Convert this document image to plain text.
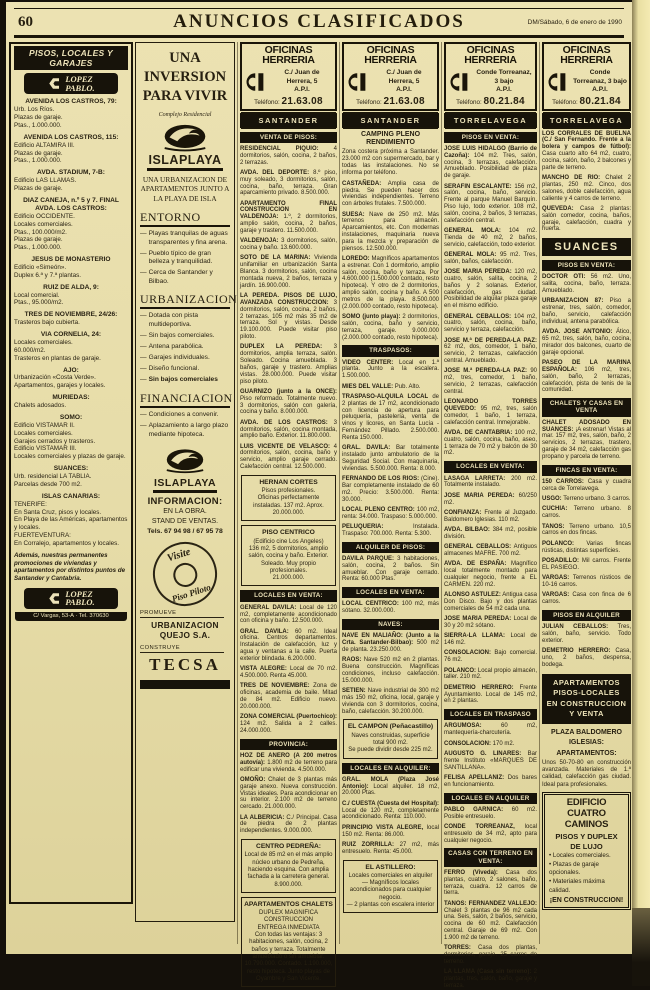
60	ANUNCIOS CLASIFICADOS	DM/Sábado, 6 de enero de 1990
PISOS, LOCALES Y GARAJES
LOPEZ
PABLO.
AVENIDA LOS CASTROS, 79:
Urb. Los Ríos.
Plazas de garaje.
Ptas., 1.000.000.
AVENIDA LOS CASTROS, 115:
Edificio ALTAMIRA III.
Plazas de garaje.
Ptas., 1.000.000.
AVDA. STADIUM, 7-B:
Edificio LAS LLAMAS.
Plazas de garaje.
DIAZ CANEJA, n.º 5 y 7. FINAL AVDA. LOS CASTROS:
Edificio OCCIDENTE.
Locales comerciales.
Ptas., 100.000/m2.
Plazas de garaje.
Ptas., 1.000.000.
JESUS DE MONASTERIO
Edificio «Simeón».
Duplex 6.ª y 7.ª plantas.
RUIZ DE ALDA, 9:
Local comercial.
Ptas., 95.000/m2.
TRES DE NOVIEMBRE, 24/26:
Trasteros bajo cubierta.
VIA CORNELIA, 24:
Locales comerciales.
60.000/m2.
Trasteros en plantas de garaje.
AJO:
Urbanización «Costa Verde».
Apartamentos, garajes y locales.
MURIEDAS:
Chalets adosados.
SOMO:
Edificio VISTAMAR II.
Locales comerciales.
Garajes cerrados y trasteros.
Edificio VISTAMAR III.
Locales comerciales y plazas de garaje.
SUANCES:
Urb. residencial LA TABLIA.
Parcelas desde 700 m2.
ISLAS CANARIAS:
TENERIFE:
En Santa Cruz, pisos y locales.
En Playa de las Américas, apartamentos y locales.
FUERTEVENTURA:
En Corralejo, apartamentos y locales.
Además, nuestras permanentes promociones de viviendas y apartamentos por distintos puntos de Santander y Cantabria.
LOPEZ
PABLO.
C/ Vargas, 53-A · Tel. 370630
UNA INVERSION PARA VIVIR
Complejo Residencial
ISLAPLAYA
UNA URBANIZACION DE APARTAMENTOS JUNTO A LA PLAYA DE ISLA
ENTORNO
— Playas tranquilas de aguas transparentes y fina arena.
— Pueblo típico de gran belleza y tranquilidad.
— Cerca de Santander y Bilbao.
URBANIZACION
— Dotada con pista multideportiva.
— Sin bajos comerciales.
— Antena parabólica.
— Garajes individuales.
— Diseño funcional.
— Sin bajos comerciales
FINANCIACION
— Condiciones a convenir.
— Aplazamiento a largo plazo mediante hipoteca.
ISLAPLAYA
INFORMACION:
EN LA OBRA.
STAND DE VENTAS.
Tels. 67 94 98 / 67 95 78
Visite
Piso Piloto
PROMUEVE
URBANIZACION QUEJO S.A.
CONSTRUYE
TECSA
OFICINAS HERRERIA
C./ Juan de Herrera, 5
A.P.I.
Teléfono: 21.63.08
SANTANDER
VENTA DE PISOS:
RESIDENCIAL PIQUIO: 4 dormitorios, salón, cocina, 2 baños, 2 terrazas.
AVDA. DEL DEPORTE: 8.º piso, muy soleado, 3 dormitorios, salón, cocina, baño, terraza. Gran aparcamiento privado. 8.500.000.
APARTAMENTO FINAL CONSTRUCCION EN VALDENOJA: 1.º, 2 dormitorios, amplio salón, cocina, 2 baños, garaje y trastero. 11.500.000.
VALDENOJA: 3 dormitorios, salón, cocina y baño. 13.600.000.
SOTO DE LA MARINA: Vivienda unifamiliar en urbanización Santa Blanca. 3 dormitorios, salón, cocina montada nueva, 2 baños, terraza y jardín. 16.900.000.
LA PEREDA. PISOS DE LUJO, AVANZADA CONSTRUCCION: 3 dormitorios, salón, cocina, 2 baños, 2 terrazas. 105 m2 más 35 m2 de terraza. Sol y vistas. Desde 19.100.000. Puede visitar piso piloto.
DUPLEX LA PEREDA: 3 dormitorios, amplia terraza, salón. Soleado. Cocina amueblada. 3 baños, garaje y trastero. Amplias vistas. 28.000.000. Puede visitar piso piloto.
GUARNIZO (junto a la ONCE): Piso reformado. Totalmente nuevo. 3 dormitorios, salón con galería, cocina y baño. 8.000.000.
AVDA. DE LOS CASTROS: 3 dormitorios, salón, cocina montada, amplio baño. Exterior. 11.800.000.
LUIS VICENTE DE VELASCO: 4 dormitorios, salón, cocina, baño y servicio, amplio garaje cerrado. Calefacción central. 12.500.000.
HERNAN CORTES
Pisos profesionales.
Oficinas perfectamente instaladas. 137 m2. Aprox.
20.000.000.
PISO CENTRICO
(Edificio cine Los Angeles)
136 m2, 5 dormitorios, amplio salón, cocina y baño. Exterior. Soleado. Muy propio profesionales.
21.000.000.
LOCALES EN VENTA:
GENERAL DAVILA: Local de 120 m2, completamente acondicionado con oficina y baño. 12.500.000.
GRAL. DAVILA: 60 m2. Ideal oficina. Centros departamentos. Instalación de calefacción, luz y agua y ventanas a la calle. Puerta exterior blindada. 6.200.000.
VISTA ALEGRE: Local de 70 m2. 4.500.000. Renta 45.000.
TRES DE NOVIEMBRE: Zona de oficinas, academia de baile. Mitad de 84 m2. Edificio nuevo. 20.000.000.
ZONA COMERCIAL (Puertochico): 124 m2. Salida a 2 calles. 24.000.000.
PROVINCIA:
HOZ DE ANERO (A 200 metros autovía): 1.800 m2 de terreno para edificar una vivienda. 4.500.000.
OMOÑO: Chalet de 3 plantas más garaje anexo. Nueva construcción. Vistas ideales. Para acondicionar en su interior. 2.100 m2 de terreno cercado. 21.000.000.
LA ALBERICIA: C./ Principal. Casa de piedra de 2 plantas independientes. 9.000.000.
CENTRO PEDREÑA:
Local de 85 m2 en el más amplio núcleo urbano de Pedreña, haciendo esquina. Con amplia fachada a la carretera general. 8.900.000.
APARTAMENTOS CHALETS
DUPLEX MAGNIFICA CONSTRUCCION
ENTREGA INMEDIATA
Con todas las ventajas: 3 habitaciones, salón, cocina, 2 baños y terraza. Totalmente amueblado o sin amueblar. 10.790.000. Contado. 1.190.000, resto hipoteca. Junto playas de Oyambre y San Vicente.
OFICINAS HERRERIA
C./ Juan de Herrera, 5
A.P.I.
Teléfono: 21.63.08
SANTANDER
CAMPING PLENO RENDIMIENTO
Zona costera próxima a Santander. 23.000 m2 con supermercado, bar y todas las instalaciones. No se informa por teléfono.
CASTAÑEDA: Amplia casa de piedra. Se pueden hacer dos viviendas independientes. Terreno con árboles frutales. 7.500.000.
SUESA: Nave de 250 m2. Más terrenos para almacén. Aparcamientos, etc. Con modernas instalaciones, maquinaria nueva para la mezcla y preparación de piensos. 12.500.000.
LOREDO: Magníficos apartamentos a estrenar. Con 1 dormitorio, amplio salón, cocina, baño y terraza. Por 4.600.000 (1.500.000 contado, resto hipoteca). Y otro de 2 dormitorios, amplio salón, cocina y baño. A 500 metros de la playa. 8.500.000 (2.000.000 contado, resto hipoteca).
SOMO (junto playa): 2 dormitorios, salón, cocina, baño y servicio, terraza, garaje. 9.000.000 (2.000.000 contado, resto hipoteca).
TRASPASOS:
VIDEO CENTER: Local en 1.ª planta. Junto a la escalera. 1.500.000.
MIES DEL VALLE: Pub. Alto.
TRASPASO-ALQUILA LOCAL de 2 plantas de 17 m2, acondicionado con licencia de apertura para peluquería, pastelería, venta de vinos y licores, en Santa Lucía - Fernández Pillado. 2.500.000. Renta 150.000.
GRAL. DAVILA: Bar totalmente instalado junto ambulatorio de la Seguridad Social. Con maquinaria, viviendas. 5.500.000. Renta: 8.000.
FERNANDO DE LOS RIOS: (Cine). Bar completamente instalado de 60 m2. Precio: 3.500.000. Renta: 30.000.
LOCAL PLENO CENTRO: 100 m2, renta: 34.000. Traspaso: 5.000.000.
PELUQUERIA: Instalada. Traspaso: 700.000. Renta: 5.300.
ALQUILER DE PISOS:
DAVILA PARQUE: 3 habitaciones, salón, cocina, 2 baños. Sin amueblar. Con garaje cerrado. Renta: 60.000 Ptas.
LOCALES EN VENTA:
LOCAL CENTRICO: 100 m2, más sótano. 32.000.000.
NAVES:
NAVE EN MALIAÑO: (Junto a la Crta. Santander-Bilbao): 500 m2 de planta. 23.250.000.
RAOS: Nave 520 m2 en 2 plantas. Buena construcción. Magníficas condiciones, incluso calefacción. 15.000.000.
SETIEN: Nave industrial de 300 m2 más 150 m2, oficina, local, garaje y vivienda con 3 dormitorios, cocina, baño, calefacción. 30.200.000.
EL CAMPON (Peñacastillo)
Naves construidas, superficie total 900 m2.
Se puede dividir desde 225 m2.
LOCALES EN ALQUILER:
GRAL. MOLA (Plaza José Antonio): Local alquiler. 18 m2, 20.000 Ptas.
C./ CUESTA (Cuesta del Hospital): Local de 120 m2, completamente acondicionado. Renta: 110.000.
PRINCIPIO VISTA ALEGRE, local 150 m2. Renta: 86.000.
RUIZ ZORRILLA: 27 m2, más entresuelo. Renta: 45.000.
EL ASTILLERO:
Locales comerciales en alquiler
— Magníficos locales acondicionados para cualquier negocio.
— 2 plantas con escalera interior
OFICINAS HERRERIA
Conde Torreanaz, 3 bajo
A.P.I.
Teléfono: 80.21.84
TORRELAVEGA
PISOS EN VENTA:
JOSE LUIS HIDALGO (Barrio de Cazoña): 104 m2. Tres, salón, cocina, 3 terrazas, calefacción. Amueblado. Posibilidad de plaza de garaje.
SERAFIN ESCALANTE: 156 m2, salón, cocina, baño, servicio. Frente al parque Manuel Barquín. Piso lujo, todo exterior. 108 m2, salón, cocina, 2 baños, 3 terrazas, calefacción central.
GENERAL MOLA: 104 m2. Tienda de 40 m2, 2 baños, servicio, calefacción, todo exterior.
GENERAL MOLA: 95 m2. Tres, salón, baños, calefacción.
JOSE MARIA PEREDA: 120 m2, cuatro, salón, salita, cocina, 2 baños y 2 solanas. Exterior, calefacción, gas ciudad. Posibilidad de alquilar plaza garaje en el mismo edificio.
GENERAL CEBALLOS: 104 m2, cuatro, salón, cocina, baño, servicio y terraza, calefacción.
JOSE M.ª DE PEREDA-LA PAZ: 62 m2, dos, comedor, 1 baño, servicio, 2 terrazas, calefacción central. Amueblado.
JOSE M.ª PEREDA-LA PAZ: 90 m2, tres, comedor, 1 baño, servicio, 2 terrazas, calefacción central.
LEONARDO TORRES QUEVEDO: 95 m2, tres, salón comedor, 1 baño, 1 terraza, calefacción central. Inmejorable.
AVDA. DE CANTABRIA: 100 m2, cuatro, salón, cocina, baño, aseo, 1 terraza de 70 m2 y balcón de 30 m2.
LOCALES EN VENTA:
LASAGA LARRETA: 200 m2. Totalmente instalado.
JOSE MARIA PEREDA: 60/250 m2.
CONFIANZA: Frente al Juzgado. Baldomero Iglesias. 110 m2.
AVDA. BILBAO: 384 m2, posible división.
GENERAL CEBALLOS: Antiguos almacenes MAFRE. 700 m2.
AVDA. DE ESPAÑA: Magnífico local totalmente montado para cualquier negocio, frente a EL CARMEN. 220 m2.
ALONSO ASTULEZ: Antigua casa Don Disco. Bajo y dos plantas comerciales de 54 m2 cada una.
JOSE MARIA PEREDA: Local de 30 y 20 m2 sótano.
SIERRA-LA LLAMA: Local de 146 m2.
CONSOLACION: Bajo comercial. 76 m2.
POLANCO: Local propio almacén, taller. 210 m2.
DEMETRIO HERRERO: Frente Ayuntamiento. Local de 145 m2, en 2 plantas.
LOCALES EN TRASPASO
ARGUMOSA: 60 m2, mantequería-charcutería.
CONSOLACION: 170 m2.
AUGUSTO G. LINARES: Bar frente Instituto «MARQUES DE SANTILLANA».
FELISA APELLANIZ: Dos bares en funcionamiento.
LOCALES EN ALQUILER
PABLO GARNICA: 60 m2. Posible entresuelo.
CONDE TORREANAZ, local entresuelo de 34 m2, apto para cualquier negocio.
CASAS CON TERRENO EN VENTA:
FERRO (Viveda): Casa dos plantas, cuatro, 2 salones, baño, terraza, cuadra. 12 carros de tierra.
TANOS: FERNANDEZ VALLEJO: Chalet 3 plantas de 96 m2 cada una. Seis, salón, 2 baños, servicio, cocina de 60 m2. Calefacción central. Garaje de 69 m2. Con 1.900 m2 de terreno.
TORRES: Casa dos plantas, dormitorios, garaje. 25 carros de terreno.
LA LLAMA (Casa sin terreno): 2 plantas, tres, salón, baño, garaje y terraza.
OFICINAS HERRERIA
Conde Torreanaz, 3 bajo
A.P.I.
Teléfono: 80.21.84
TORRELAVEGA
LOS CORRALES DE BUELNA (C./ San Fernando. Frente a la bolera y campos de fútbol): Casa cuarto alto 64 m2, cuatro, cocina, salón, baño, 2 balcones y parte de terreno.
MANCHO DE RIO: Chalet 2 plantas, 250 m2. Cinco, dos salones, doble calefacción, agua caliente y 4 carros de terreno.
QUEVEDA: Casa 2 plantas: salón comedor, cocina, baños, garaje, calefacción, cuadra y huerta.
SUANCES
PISOS EN VENTA:
DOCTOR OTI: 56 m2. Uno, salita, cocina, baño, terraza. Amueblado.
URBANIZACION 87: Piso a estrenar, tres, salón, comedor, baño, servicio, calefacción individual, antena parabólica.
AVDA. JOSE ANTONIO: Ático, 65 m2, tres, salón, baño, cocina, mirador dos balcones, cuarto de garaje opcional.
PASEO DE LA MARINA ESPAÑOLA: 106 m2, tres, salón, baño, 2 terrazas, calefacción, pista de tenis de la comunidad.
CHALETS Y CASAS EN VENTA
CHALET ADOSADO EN SUANCES: ¡A estrenar! Vistas al mar. 157 m2, tres, salón, baño, 2 servicios, 2 terrazas, trastero, garaje de 34 m2, calefacción gas propano y parcela de terreno.
FINCAS EN VENTA:
150 CARROS: Casa y cuadra cerca de Torrelavega.
USGO: Terreno urbano. 3 carros.
CUCHIA: Terreno urbano. 8 carros.
TANOS: Terreno urbano. 10,5 carros en dos fincas.
POLANCO: Varias fincas rústicas, distintas superficies.
POSADILLO: Mil carros. Frente EL PASIEGO.
VARGAS: Terrenos rústicos de 10-16 carros.
VARGAS: Casa con finca de 6 carros.
PISOS EN ALQUILER
JULIAN CEBALLOS: Tres, salón, baño, servicio. Todo exterior.
DEMETRIO HERRERO: Casa, uno, 2 baños, despensa, bodega.
APARTAMENTOS
PISOS-LOCALES
EN CONSTRUCCION
Y VENTA
PLAZA BALDOMERO IGLESIAS:
APARTAMENTOS:
Unos 50-70-80 en construcción avanzada. Materiales de 1.ª calidad, calefacción gas ciudad. Ideal para profesionales.
EDIFICIO
CUATRO CAMINOS
PISOS Y DUPLEX
DE LUJO
• Locales comerciales.
• Plazas de garaje opcionales.
• Materiales máxima calidad.
¡EN CONSTRUCCION!
